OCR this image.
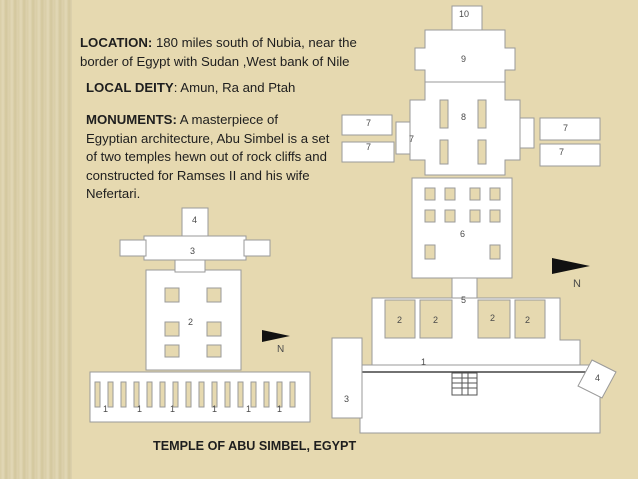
4
3
2
1	1	1	1	1	1
N
10
9
8
7
7
7
7
7
6
5
2	2	2	2
1
3
4
N
LOCATION: 180 miles south of Nubia, near the border of Egypt with Sudan ,West bank of Nile
LOCAL DEITY: Amun, Ra and Ptah
MONUMENTS: A masterpiece of Egyptian architecture, Abu Simbel is a set of two temples hewn out of rock cliffs and constructed for Ramses II and his wife Nefertari.
TEMPLE OF ABU SIMBEL, EGYPT
